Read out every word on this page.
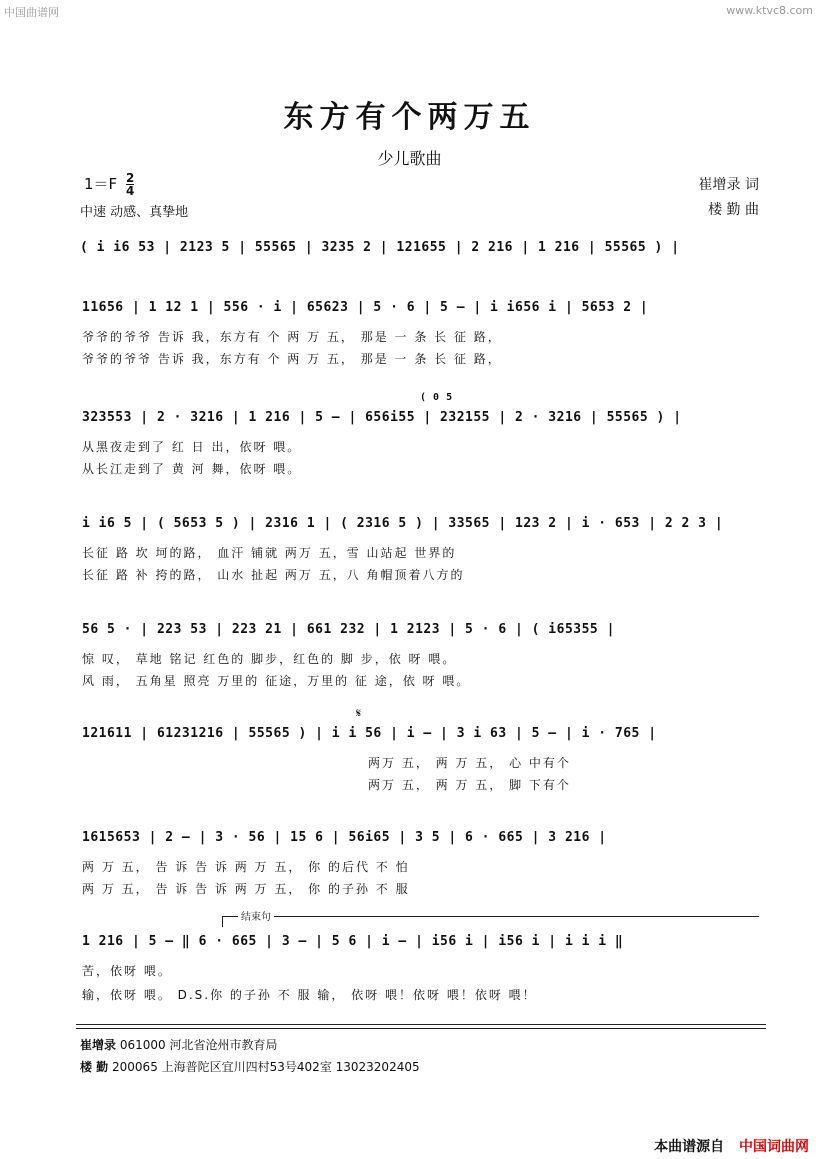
中国曲谱网	www.ktvc8.com
东方有个两万五
少儿歌曲
$1=F \frac{2}{4}$
中速 动感、真挚地
崔增录 词
楼 勤 曲
( i i6 53 | 2123 5 | 55565 | 3235 2 | 121655 | 2 216 | 1 216 | 55565 ) |
11656 | 1 12 1 | 556 · i | 65623 | 5 · 6 | 5 – | i i656 i | 5653 2 |
爷爷的爷爷 告诉 我，东方有 个 两 万 五， 那是 一 条 长 征 路，
爷爷的爷爷 告诉 我，东方有 个 两 万 五， 那是 一 条 长 征 路，
( 0 5
323553 | 2 · 3216 | 1 216 | 5 – | 656i55 | 232155 | 2 · 3216 | 55565 ) |
从黑夜走到了 红 日 出，依呀 喂。
从长江走到了 黄 河 舞，依呀 喂。
i i6 5 | ( 5653 5 ) | 2316 1 | ( 2316 5 ) | 33565 | 123 2 | i · 653 | 2 2 3 |
长征 路 坎 坷的路， 血汗 铺就 两万 五，雪 山站起 世界的
长征 路 补 挎的路， 山水 扯起 两万 五，八 角帽顶着八方的
56 5 · | 223 53 | 223 21 | 661 232 | 1 2123 | 5 · 6 | ( i65355 |
惊 叹， 草地 铭记 红色的 脚步，红色的 脚 步，依 呀 喂。
风 雨， 五角星 照亮 万里的 征途，万里的 征 途，依 呀 喂。
𝄋
121611 | 61231216 | 55565 ) | i i 56 | i – | 3 i 63 | 5 – | i · 765 |
两万 五， 两 万 五， 心 中有个
两万 五， 两 万 五， 脚 下有个
1615653 | 2 – | 3 · 56 | 15 6 | 56i65 | 3 5 | 6 · 665 | 3 216 |
两 万 五， 告 诉 告 诉 两 万 五， 你 的后代 不 怕
两 万 五， 告 诉 告 诉 两 万 五， 你 的子孙 不 服
结束句
1 216 | 5 – ‖ 6 · 665 | 3 – | 5 6 | i – | i56 i | i56 i | i i i ‖
苦，依呀 喂。
输，依呀 喂。 D.S.你 的子孙 不 服 输， 依呀 喂！依呀 喂！依呀 喂！
崔增录 061000 河北省沧州市教育局
楼 勤 200065 上海普陀区宜川四村53号402室 13023202405
本曲谱源自 中国词曲网
